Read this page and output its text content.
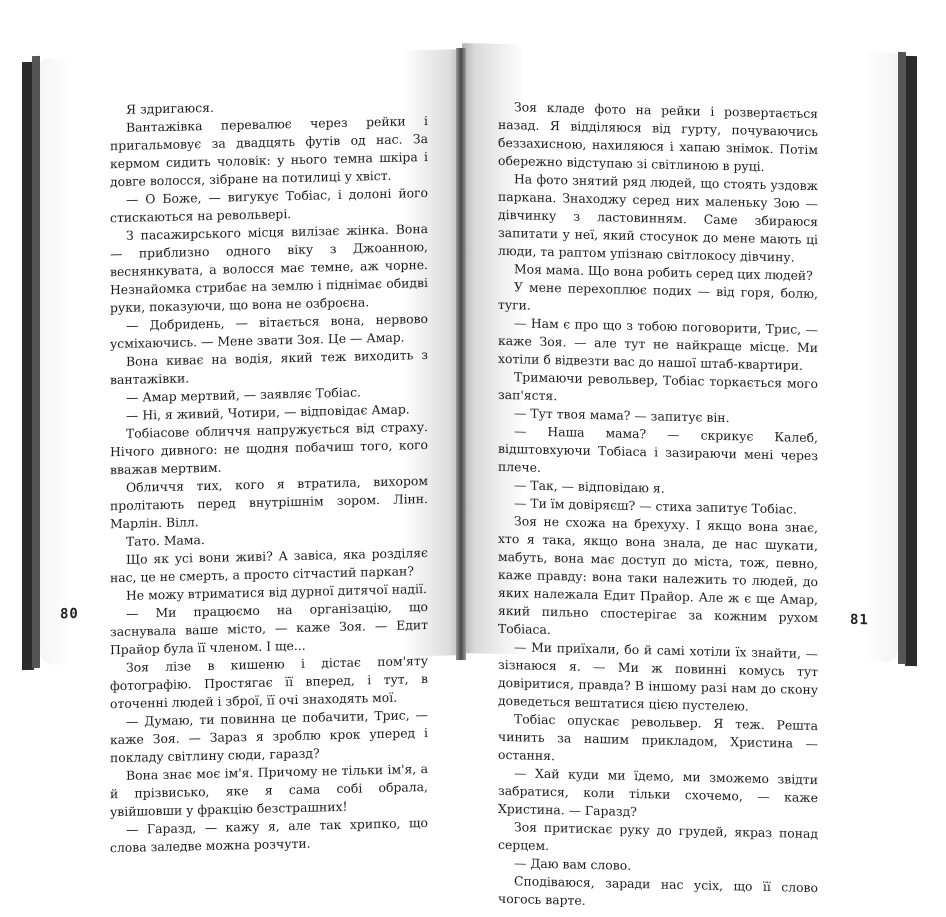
Я здригаюся.

Вантажівка перевалює через рейки і пригальмовує за двадцять футів од нас. За кермом сидить чоловік: у нього темна шкіра і довге волосся, зібране на потилиці у хвіст.

— О Боже, — вигукує Тобіас, і долоні його стискаються на револьвері.

З пасажирського місця вилізає жінка. Вона — приблизно одного віку з Джоанною, веснянкувата, а волосся має темне, аж чорне. Незнайомка стрибає на землю і піднімає обидві руки, показуючи, що вона не озброєна.

— Добридень, — вітається вона, нервово усміхаючись. — Мене звати Зоя. Це — Амар.

Вона киває на водія, який теж виходить з вантажівки.

— Амар мертвий, — заявляє Тобіас.

— Ні, я живий, Чотири, — відповідає Амар.

Тобіасове обличчя напружується від страху. Нічого дивного: не щодня побачиш того, кого вважав мертвим.

Обличчя тих, кого я втратила, вихором пролітають перед внутрішнім зором. Лінн. Марлін. Вілл.

Тато. Мама.

Що як усі вони живі? А завіса, яка розділяє нас, це не смерть, а просто сітчастий паркан?

Не можу втриматися від дурної дитячої надії.

— Ми працюємо на організацію, що заснувала ваше місто, — каже Зоя. — Едит Прайор була її членом. І ще...

Зоя лізе в кишеню і дістає пом'яту фотографію. Простягає її вперед, і тут, в оточенні людей і зброї, її очі знаходять мої.

— Думаю, ти повинна це побачити, Трис, — каже Зоя. — Зараз я зроблю крок уперед і покладу світлину сюди, гаразд?

Вона знає моє ім'я. Причому не тільки ім'я, а й прізвисько, яке я сама собі обрала, увійшовши у фракцію безстрашних!

— Гаразд, — кажу я, але так хрипко, що слова заледве можна розчути.

80

Зоя кладе фото на рейки і розвертається назад. Я відділяюся від гурту, почуваючись беззахисною, нахиляюся і хапаю знімок. Потім обережно відступаю зі світлиною в руці.

На фото знятий ряд людей, що стоять уздовж паркана. Знаходжу серед них маленьку Зою — дівчинку з ластовинням. Саме збираюся запитати у неї, який стосунок до мене мають ці люди, та раптом упізнаю світлокосу дівчину.

Моя мама. Що вона робить серед цих людей?

У мене перехоплює подих — від горя, болю, туги.

— Нам є про що з тобою поговорити, Трис, — каже Зоя. — але тут не найкраще місце. Ми хотіли б відвезти вас до нашої штаб-квартири.

Тримаючи револьвер, Тобіас торкається мого зап'ястя.

— Тут твоя мама? — запитує він.

— Наша мама? — скрикує Калеб, відштовхуючи Тобіаса і зазираючи мені через плече.

— Так, — відповідаю я.

— Ти їм довіряєш? — стиха запитує Тобіас.

Зоя не схожа на брехуху. І якщо вона знає, хто я така, якщо вона знала, де нас шукати, мабуть, вона має доступ до міста, тож, певно, каже правду: вона таки належить то людей, до яких належала Едит Прайор. Але ж є ще Амар, який пильно спостерігає за кожним рухом Тобіаса.

— Ми приїхали, бо й самі хотіли їх знайти, — зізнаюся я. — Ми ж повинні комусь тут довіритися, правда? В іншому разі нам до скону доведеться вештатися цією пустелею.

Тобіас опускає револьвер. Я теж. Решта чинить за нашим прикладом, Христина — остання.

— Хай куди ми їдемо, ми зможемо звідти забратися, коли тільки схочемо, — каже Христина. — Гаразд?

Зоя притискає руку до грудей, якраз понад серцем.

— Даю вам слово.

Сподіваюся, заради нас усіх, що її слово чогось варте.

81
